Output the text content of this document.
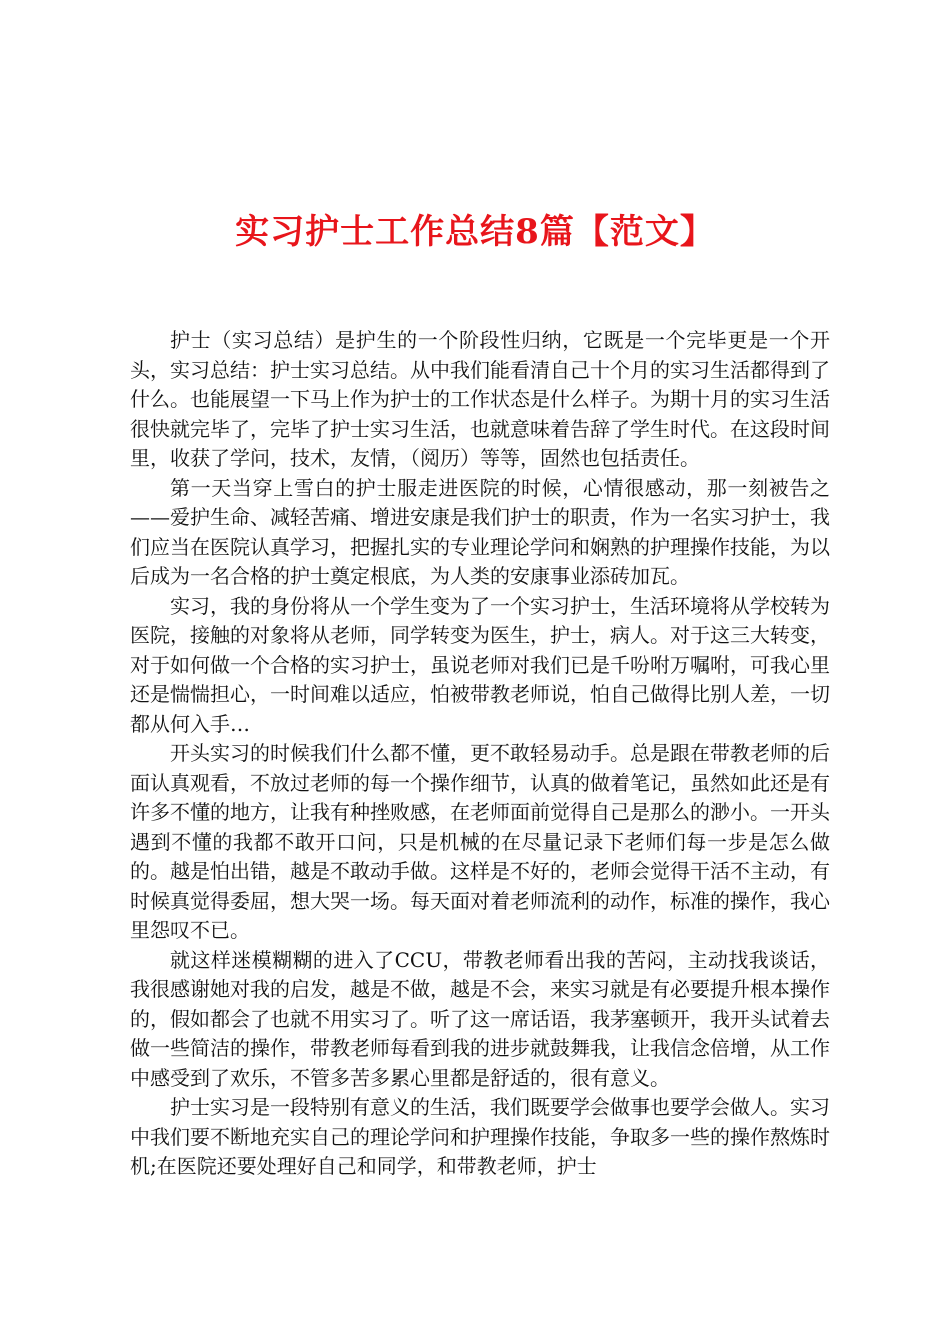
实习护士工作总结8篇【范文】

护士（实习总结）是护生的一个阶段性归纳，它既是一个完毕更是一个开头，实习总结：护士实习总结。从中我们能看清自己十个月的实习生活都得到了什么。也能展望一下马上作为护士的工作状态是什么样子。为期十月的实习生活很快就完毕了，完毕了护士实习生活，也就意味着告辞了学生时代。在这段时间里，收获了学问，技术，友情，（阅历）等等，固然也包括责任。

第一天当穿上雪白的护士服走进医院的时候，心情很感动，那一刻被告之——爱护生命、减轻苦痛、增进安康是我们护士的职责，作为一名实习护士，我们应当在医院认真学习，把握扎实的专业理论学问和娴熟的护理操作技能，为以后成为一名合格的护士奠定根底，为人类的安康事业添砖加瓦。

实习，我的身份将从一个学生变为了一个实习护士，生活环境将从学校转为医院，接触的对象将从老师，同学转变为医生，护士，病人。对于这三大转变，对于如何做一个合格的实习护士，虽说老师对我们已是千吩咐万嘱咐，可我心里还是惴惴担心，一时间难以适应，怕被带教老师说，怕自己做得比别人差，一切都从何入手…

开头实习的时候我们什么都不懂，更不敢轻易动手。总是跟在带教老师的后面认真观看，不放过老师的每一个操作细节，认真的做着笔记，虽然如此还是有许多不懂的地方，让我有种挫败感，在老师面前觉得自己是那么的渺小。一开头遇到不懂的我都不敢开口问，只是机械的在尽量记录下老师们每一步是怎么做的。越是怕出错，越是不敢动手做。这样是不好的，老师会觉得干活不主动，有时候真觉得委屈，想大哭一场。每天面对着老师流利的动作，标准的操作，我心里怨叹不已。

就这样迷模糊糊的进入了CCU，带教老师看出我的苦闷，主动找我谈话，我很感谢她对我的启发，越是不做，越是不会，来实习就是有必要提升根本操作的，假如都会了也就不用实习了。听了这一席话语，我茅塞顿开，我开头试着去做一些简洁的操作，带教老师每看到我的进步就鼓舞我，让我信念倍增，从工作中感受到了欢乐，不管多苦多累心里都是舒适的，很有意义。

护士实习是一段特别有意义的生活，我们既要学会做事也要学会做人。实习中我们要不断地充实自己的理论学问和护理操作技能，争取多一些的操作熬炼时机;在医院还要处理好自己和同学，和带教老师，护士
